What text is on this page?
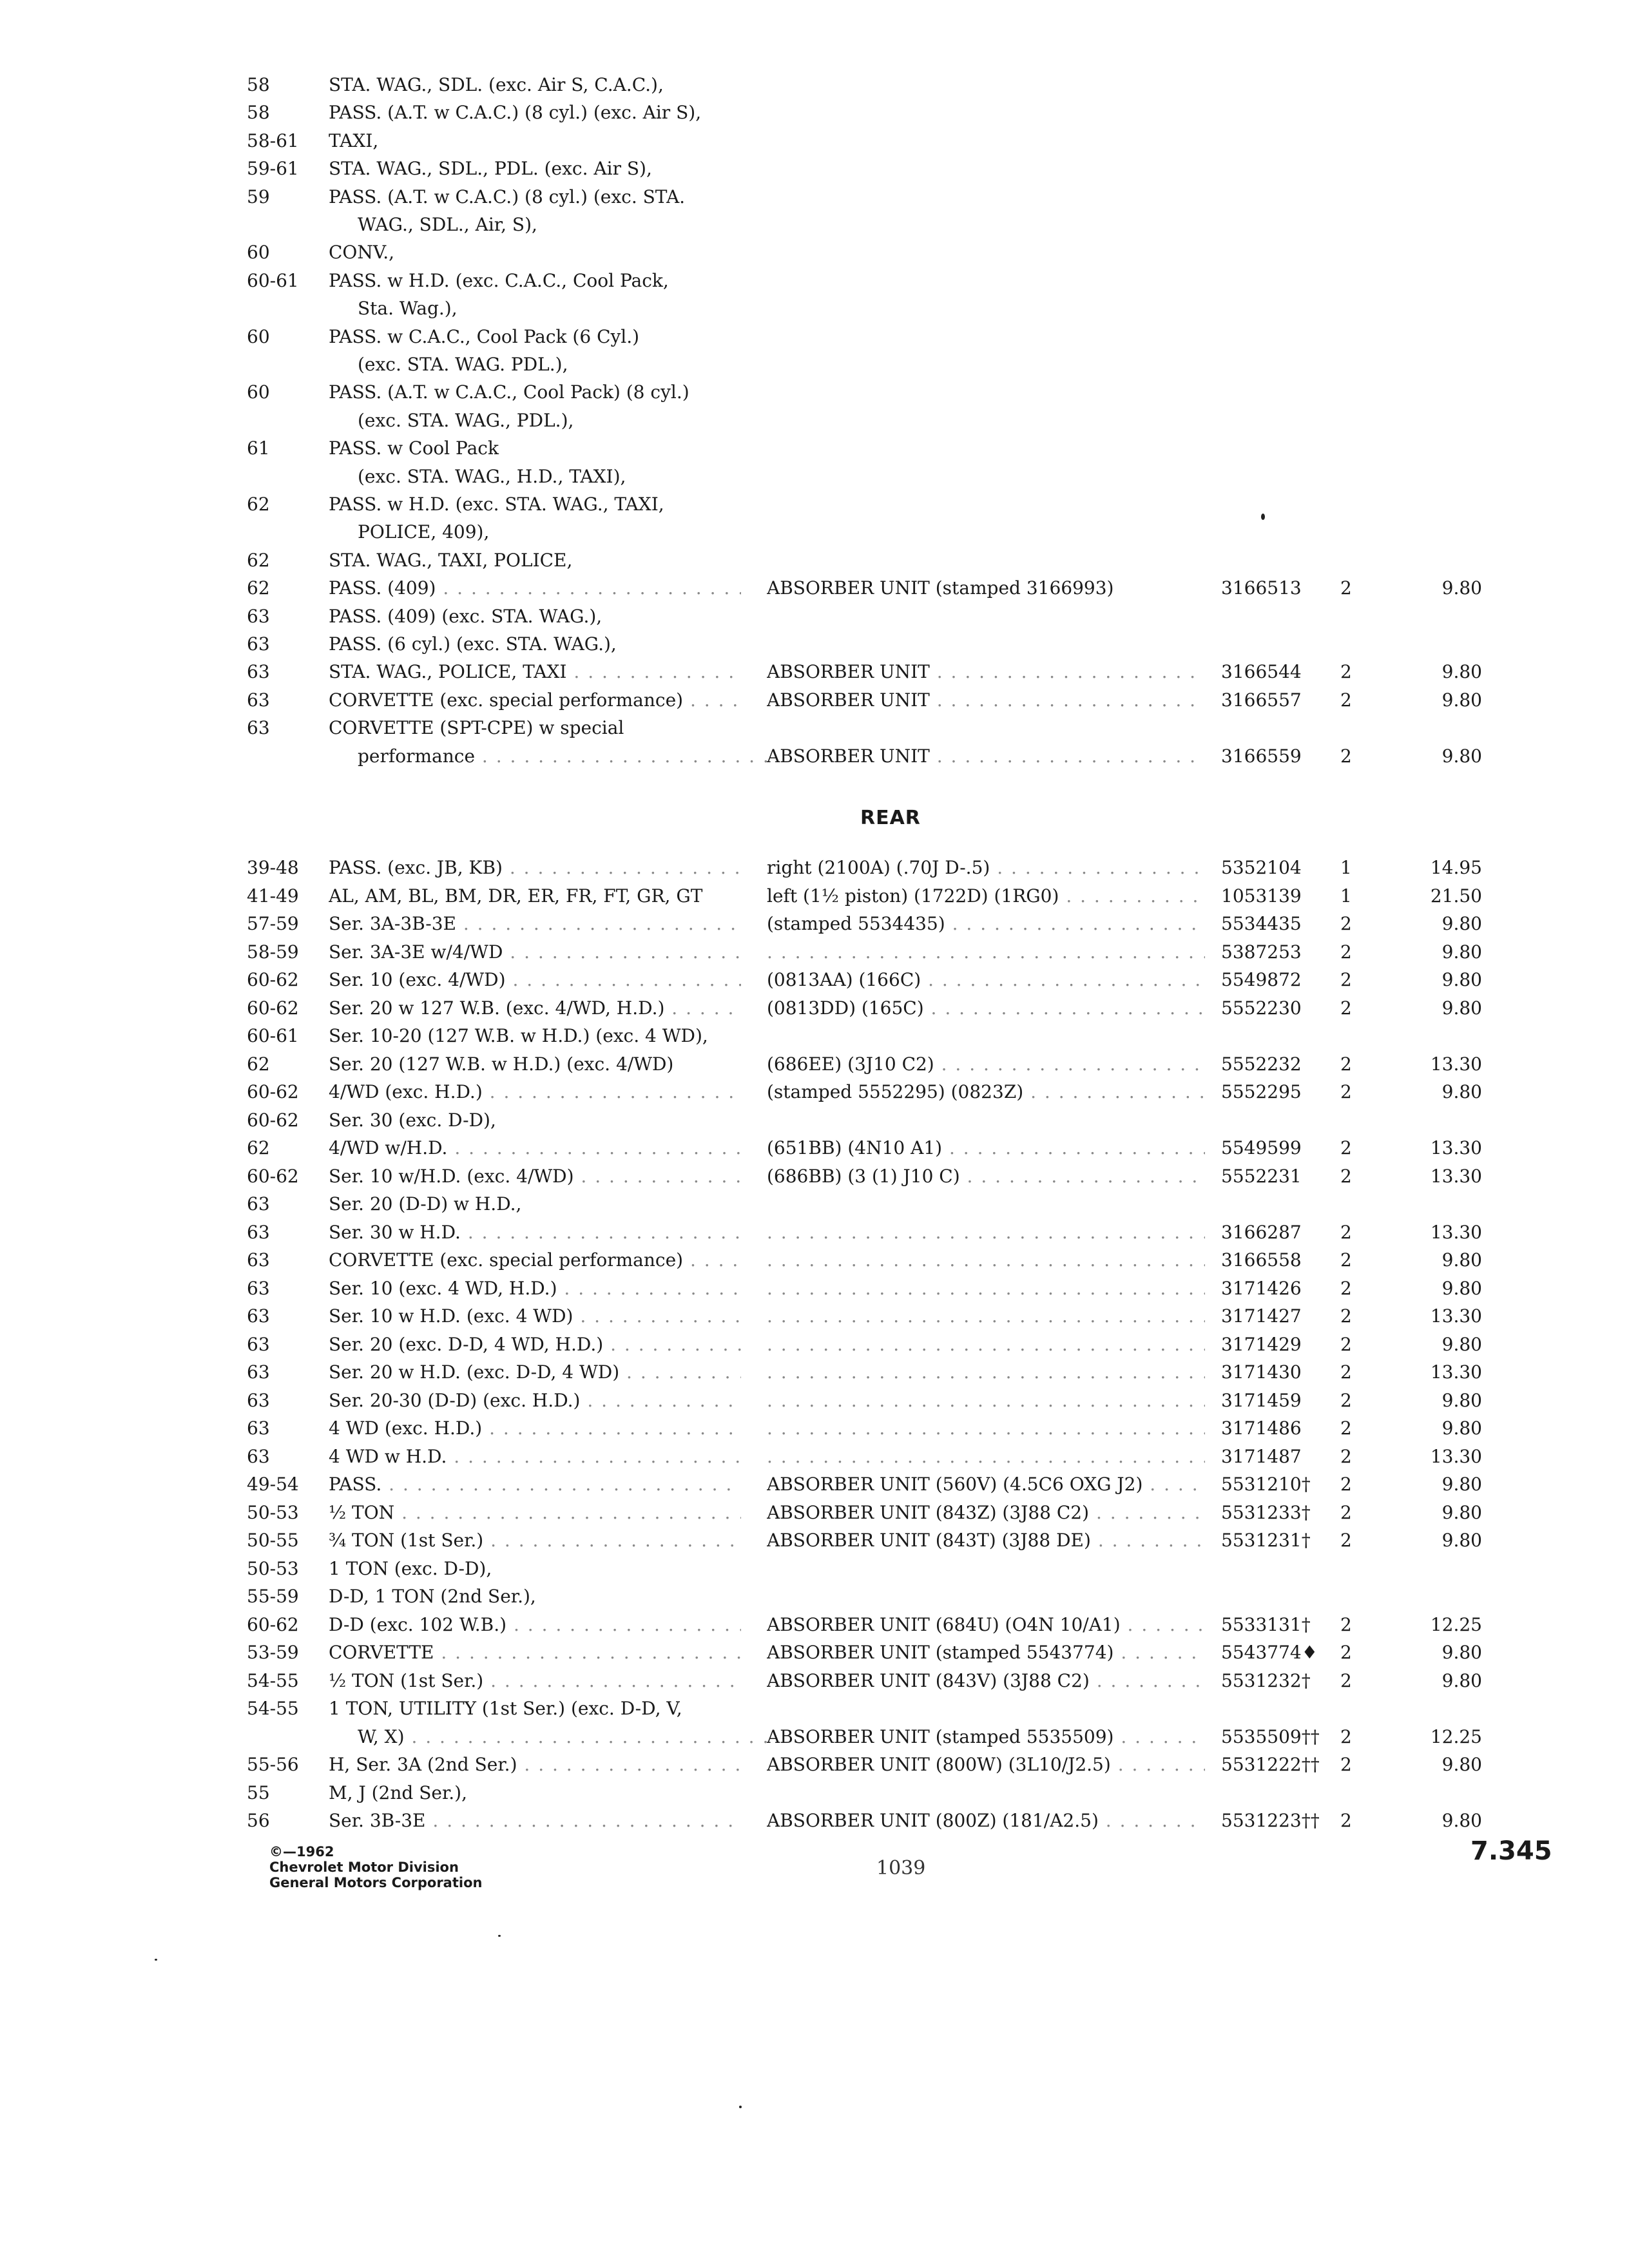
58	STA. WAG., SDL. (exc. Air S, C.A.C.),
58	PASS. (A.T. w C.A.C.) (8 cyl.) (exc. Air S),
58-61 TAXI,
59-61 STA. WAG., SDL., PDL. (exc. Air S),
59	PASS. (A.T. w C.A.C.) (8 cyl.) (exc. STA.
WAG., SDL., Air, S),
60	CONV.,
60-61 PASS. w H.D. (exc. C.A.C., Cool Pack,
Sta. Wag.),
60	PASS. w C.A.C., Cool Pack (6 Cyl.)
(exc. STA. WAG. PDL.),
60	PASS. (A.T. w C.A.C., Cool Pack) (8 cyl.)
(exc. STA. WAG., PDL.),
61	PASS. w Cool Pack
(exc. STA. WAG., H.D., TAXI),
62	PASS. w H.D. (exc. STA. WAG., TAXI,
POLICE, 409),
62	STA. WAG., TAXI, POLICE,
62	PASS. (409) . . .	ABSORBER UNIT (stamped 3166993)	3166513 2	9.80
63	PASS. (409) (exc. STA. WAG.),
63	PASS. (6 cyl.) (exc. STA. WAG.),
63	STA. WAG., POLICE, TAXI . . .	ABSORBER UNIT . . .	3166544 2	9.80
63	CORVETTE (exc. special performance) . . .	ABSORBER UNIT . . .	3166557 2	9.80
63	CORVETTE (SPT-CPE) w special
performance . . .	ABSORBER UNIT . . .	3166559 2	9.80
REAR
39-48 PASS. (exc. JB, KB) . . .	right (2100A) (.70J D-.5) . . .	5352104 1	14.95
41-49 AL, AM, BL, BM, DR, ER, FR, FT, GR, GT	left (1½ piston) (1722D) (1RG0) . . .	1053139 1	21.50
57-59 Ser. 3A-3B-3E . . .	(stamped 5534435) . . .	5534435 2	9.80
58-59 Ser. 3A-3E w/4/WD . . . . . .	5387253 2	9.80
60-62 Ser. 10 (exc. 4/WD) . . .	(0813AA) (166C) . . .	5549872 2	9.80
60-62 Ser. 20 w 127 W.B. (exc. 4/WD, H.D.) . . .	(0813DD) (165C) . . .	5552230 2	9.80
60-61 Ser. 10-20 (127 W.B. w H.D.) (exc. 4 WD),
62	Ser. 20 (127 W.B. w H.D.) (exc. 4/WD)	(686EE) (3J10 C2) . . .	5552232 2	13.30
60-62 4/WD (exc. H.D.) . . .	(stamped 5552295) (0823Z) . . .	5552295 2	9.80
60-62 Ser. 30 (exc. D-D),
62	4/WD w/H.D. . . .	(651BB) (4N10 A1) . . .	5549599 2	13.30
60-62 Ser. 10 w/H.D. (exc. 4/WD) . . .	(686BB) (3 (1) J10 C) . . .	5552231 2	13.30
63	Ser. 20 (D-D) w H.D.,
63	Ser. 30 w H.D. . . . . . .	3166287 2	13.30
63	CORVETTE (exc. special performance) . . . . . .	3166558 2	9.80
63	Ser. 10 (exc. 4 WD, H.D.) . . . . . .	3171426 2	9.80
63	Ser. 10 w H.D. (exc. 4 WD) . . . . . .	3171427 2	13.30
63	Ser. 20 (exc. D-D, 4 WD, H.D.) . . . . . .	3171429 2	9.80
63	Ser. 20 w H.D. (exc. D-D, 4 WD) . . . . . .	3171430 2	13.30
63	Ser. 20-30 (D-D) (exc. H.D.) . . . . . .	3171459 2	9.80
63	4 WD (exc. H.D.) . . . . . .	3171486 2	9.80
63	4 WD w H.D. . . . . . .	3171487 2	13.30
49-54 PASS. . . .	ABSORBER UNIT (560V) (4.5C6 OXG J2) . . .	5531210† 2	9.80
50-53 ½ TON . . .	ABSORBER UNIT (843Z) (3J88 C2) . . .	5531233† 2	9.80
50-55 ¾ TON (1st Ser.) . . .	ABSORBER UNIT (843T) (3J88 DE) . . .	5531231† 2	9.80
50-53 1 TON (exc. D-D),
55-59 D-D, 1 TON (2nd Ser.),
60-62 D-D (exc. 102 W.B.) . . .	ABSORBER UNIT (684U) (O4N 10/A1) . . .	5533131† 2	12.25
53-59 CORVETTE . . .	ABSORBER UNIT (stamped 5543774) . . .	5543774♦ 2	9.80
54-55 ½ TON (1st Ser.) . . .	ABSORBER UNIT (843V) (3J88 C2) . . .	5531232† 2	9.80
54-55 1 TON, UTILITY (1st Ser.) (exc. D-D, V,
W, X) . . .	ABSORBER UNIT (stamped 5535509) . . .	5535509†† 2	12.25
55-56 H, Ser. 3A (2nd Ser.) . . .	ABSORBER UNIT (800W) (3L10/J2.5) . . .	5531222†† 2	9.80
55	M, J (2nd Ser.),
56	Ser. 3B-3E . . .	ABSORBER UNIT (800Z) (181/A2.5) . . .	5531223†† 2	9.80
©—1962
Chevrolet Motor Division
General Motors Corporation
1039
7.345
